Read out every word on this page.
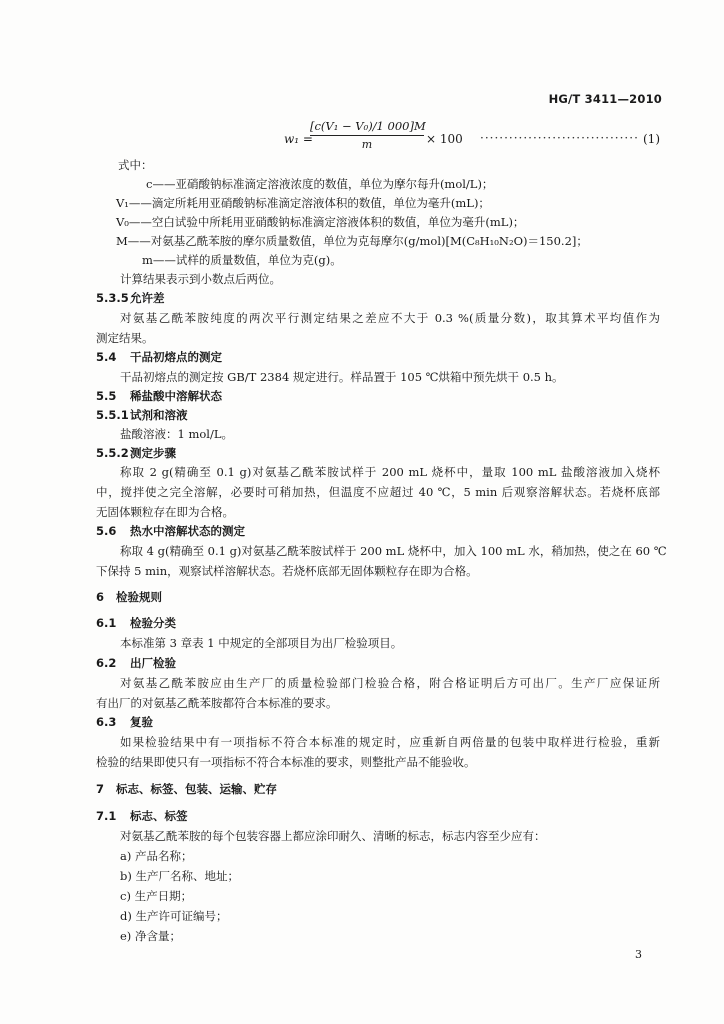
HG/T 3411—2010
w₁ =
[c(V₁ − V₀)/1 000]M
m	× 100 ································· (1)
式中：
c——亚硝酸钠标准滴定溶液浓度的数值，单位为摩尔每升(mol/L)；
V₁——滴定所耗用亚硝酸钠标准滴定溶液体积的数值，单位为毫升(mL)；
V₀——空白试验中所耗用亚硝酸钠标准滴定溶液体积的数值，单位为毫升(mL)；
M——对氨基乙酰苯胺的摩尔质量数值，单位为克每摩尔(g/mol)[M(C₈H₁₀N₂O)＝150.2]；
m——试样的质量数值，单位为克(g)。
计算结果表示到小数点后两位。
5.3.5允许差
对氨基乙酰苯胺纯度的两次平行测定结果之差应不大于 0.3 %(质量分数)，取其算术平均值作为
测定结果。
5.4 干品初熔点的测定
干品初熔点的测定按 GB/T 2384 规定进行。样品置于 105 ℃烘箱中预先烘干 0.5 h。
5.5 稀盐酸中溶解状态
5.5.1试剂和溶液
盐酸溶液：1 mol/L。
5.5.2测定步骤
称取 2 g(精确至 0.1 g)对氨基乙酰苯胺试样于 200 mL 烧杯中，量取 100 mL 盐酸溶液加入烧杯
中，搅拌使之完全溶解，必要时可稍加热，但温度不应超过 40 ℃，5 min 后观察溶解状态。若烧杯底部
无固体颗粒存在即为合格。
5.6 热水中溶解状态的测定
称取 4 g(精确至 0.1 g)对氨基乙酰苯胺试样于 200 mL 烧杯中，加入 100 mL 水，稍加热，使之在 60 ℃
下保持 5 min，观察试样溶解状态。若烧杯底部无固体颗粒存在即为合格。
6 检验规则
6.1 检验分类
本标准第 3 章表 1 中规定的全部项目为出厂检验项目。
6.2 出厂检验
对氨基乙酰苯胺应由生产厂的质量检验部门检验合格，附合格证明后方可出厂。生产厂应保证所
有出厂的对氨基乙酰苯胺都符合本标准的要求。
6.3 复验
如果检验结果中有一项指标不符合本标准的规定时，应重新自两倍量的包装中取样进行检验，重新
检验的结果即使只有一项指标不符合本标准的要求，则整批产品不能验收。
7 标志、标签、包装、运输、贮存
7.1 标志、标签
对氨基乙酰苯胺的每个包装容器上都应涂印耐久、清晰的标志，标志内容至少应有：
a) 产品名称；
b) 生产厂名称、地址；
c) 生产日期；
d) 生产许可证编号；
e) 净含量；
3
